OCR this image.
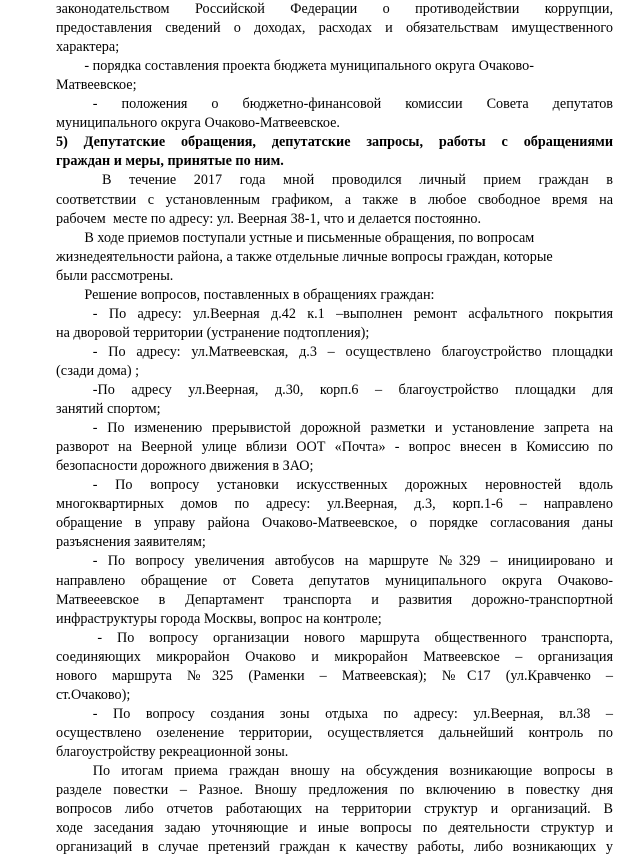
законодательством Российской Федерации о противодействии коррупции,
предоставления сведений о доходах, расходах и обязательствам имущественного
характера;
- порядка составления проекта бюджета муниципального округа Очаково-
Матвеевское;
- положения о бюджетно-финансовой комиссии Совета депутатов
муниципального округа Очаково-Матвеевское.
5) Депутатские обращения, депутатские запросы, работы с обращениями
граждан и меры, принятые по ним.
В течение 2017 года мной проводился личный прием граждан в
соответствии с установленным графиком, а также в любое свободное время на
рабочем  месте по адресу: ул. Веерная 38-1, что и делается постоянно.
В ходе приемов поступали устные и письменные обращения, по вопросам
жизнедеятельности района, а также отдельные личные вопросы граждан, которые
были рассмотрены.
Решение вопросов, поставленных в обращениях граждан:
- По адресу: ул.Веерная д.42 к.1 –выполнен ремонт асфальтного покрытия
на дворовой территории (устранение подтопления);
- По адресу: ул.Матвеевская, д.3 – осуществлено благоустройство площадки
(сзади дома) ;
-По адресу ул.Веерная, д.30, корп.6 – благоустройство площадки для
занятий спортом;
- По изменению прерывистой дорожной разметки и установление запрета на
разворот на Веерной улице вблизи ООТ «Почта» - вопрос внесен в Комиссию по
безопасности дорожного движения в ЗАО;
- По вопросу установки искусственных дорожных неровностей вдоль
многоквартирных домов по адресу: ул.Веерная, д.3, корп.1-6 – направлено
обращение в управу района Очаково-Матвеевское, о порядке согласования даны
разъяснения заявителям;
- По вопросу увеличения автобусов на маршруте №329 – инициировано и
направлено обращение от Совета депутатов муниципального округа Очаково-
Матвееевское в Департамент транспорта и развития дорожно-транспортной
инфраструктуры города Москвы, вопрос на контроле;
- По вопросу организации нового маршрута общественного транспорта,
соединяющих микрорайон Очаково и микрорайон Матвеевское – организация
нового маршрута №325 (Раменки – Матвеевская); №С17 (ул.Кравченко –
ст.Очаково);
- По вопросу создания зоны отдыха по адресу: ул.Веерная, вл.38 –
осуществлено озеленение территории, осуществляется дальнейший контроль по
благоустройству рекреационной зоны.
По итогам приема граждан вношу на обсуждения возникающие вопросы в
разделе повестки – Разное. Вношу предложения по включению в повестку дня
вопросов либо отчетов работающих на территории структур и организаций. В
ходе заседания задаю уточняющие и иные вопросы по деятельности структур и
организаций в случае претензий граждан к качеству работы, либо возникающих у
